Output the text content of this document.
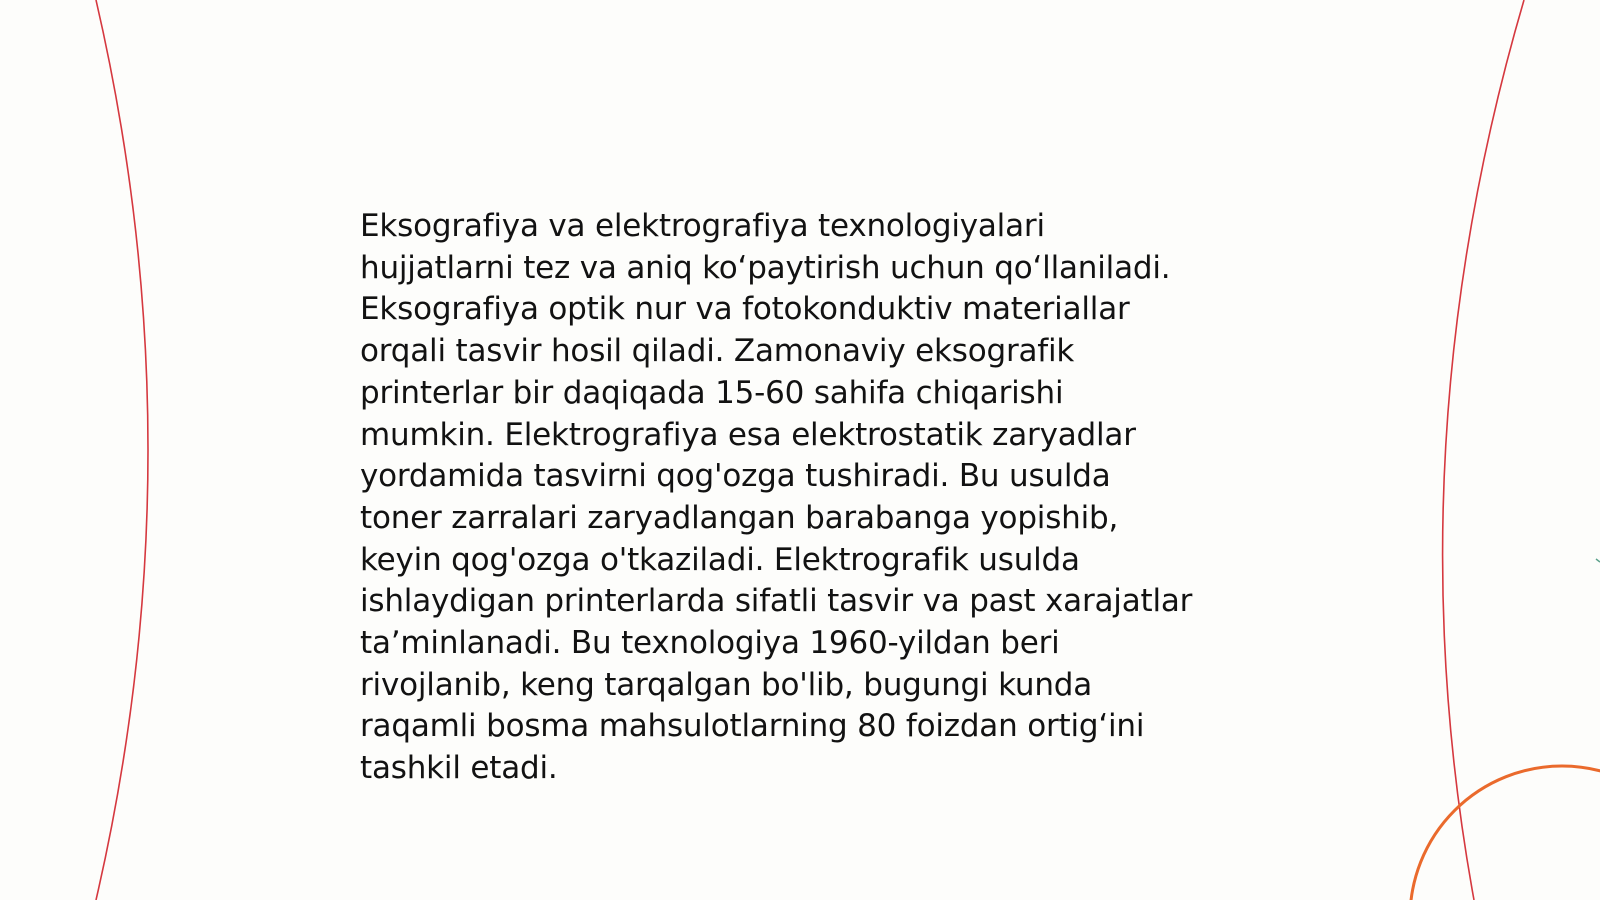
Eksografiya va elektrografiya texnologiyalari
hujjatlarni tez va aniq ko‘paytirish uchun qo‘llaniladi.
Eksografiya optik nur va fotokonduktiv materiallar
orqali tasvir hosil qiladi. Zamonaviy eksografik
printerlar bir daqiqada 15-60 sahifa chiqarishi
mumkin. Elektrografiya esa elektrostatik zaryadlar
yordamida tasvirni qog'ozga tushiradi. Bu usulda
toner zarralari zaryadlangan barabanga yopishib,
keyin qog'ozga o'tkaziladi. Elektrografik usulda
ishlaydigan printerlarda sifatli tasvir va past xarajatlar
ta’minlanadi. Bu texnologiya 1960-yildan beri
rivojlanib, keng tarqalgan bo'lib, bugungi kunda
raqamli bosma mahsulotlarning 80 foizdan ortig‘ini
tashkil etadi.
